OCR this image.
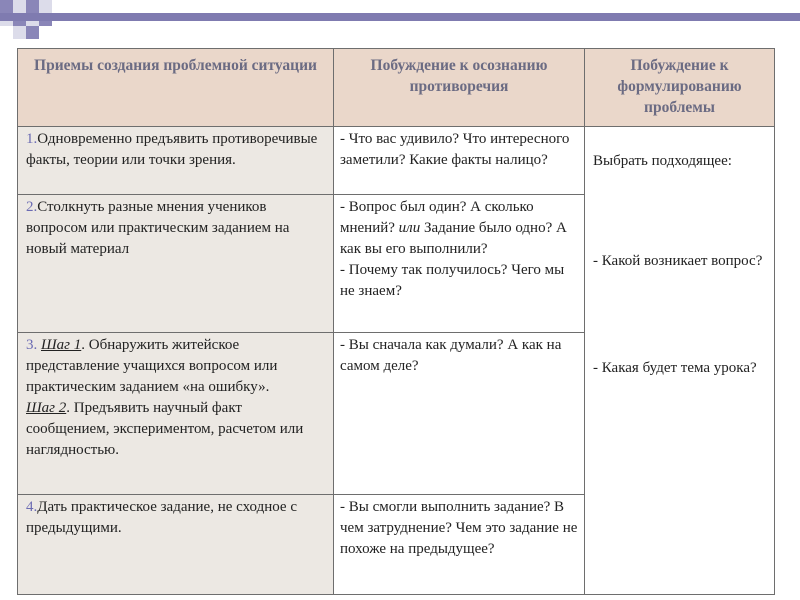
Приемы создания проблемной ситуации	Побуждение к осознанию противоречия	Побуждение к формулированию проблемы
1.Одновременно предъявить противоречивые факты, теории или точки зрения.	- Что вас удивило? Что интересного заметили? Какие факты налицо?	Выбрать подходящее:
- Какой возникает вопрос?
- Какая будет тема урока?

2.Столкнуть разные мнения учеников вопросом или практическим заданием на новый материал	- Вопрос был один? А сколько мнений? или Задание было одно? А как вы его выполнили?
- Почему так получилось? Чего мы не знаем?	
3. Шаг 1. Обнаружить житейское представление учащихся вопросом или практическим заданием «на ошибку».
Шаг 2. Предъявить научный факт сообщением, экспериментом, расчетом или наглядностью.	- Вы сначала как думали? А как на самом деле?	
4.Дать практическое задание, не сходное с предыдущими.	- Вы смогли выполнить задание? В чем затруднение? Чем это задание не похоже на предыдущее?	
